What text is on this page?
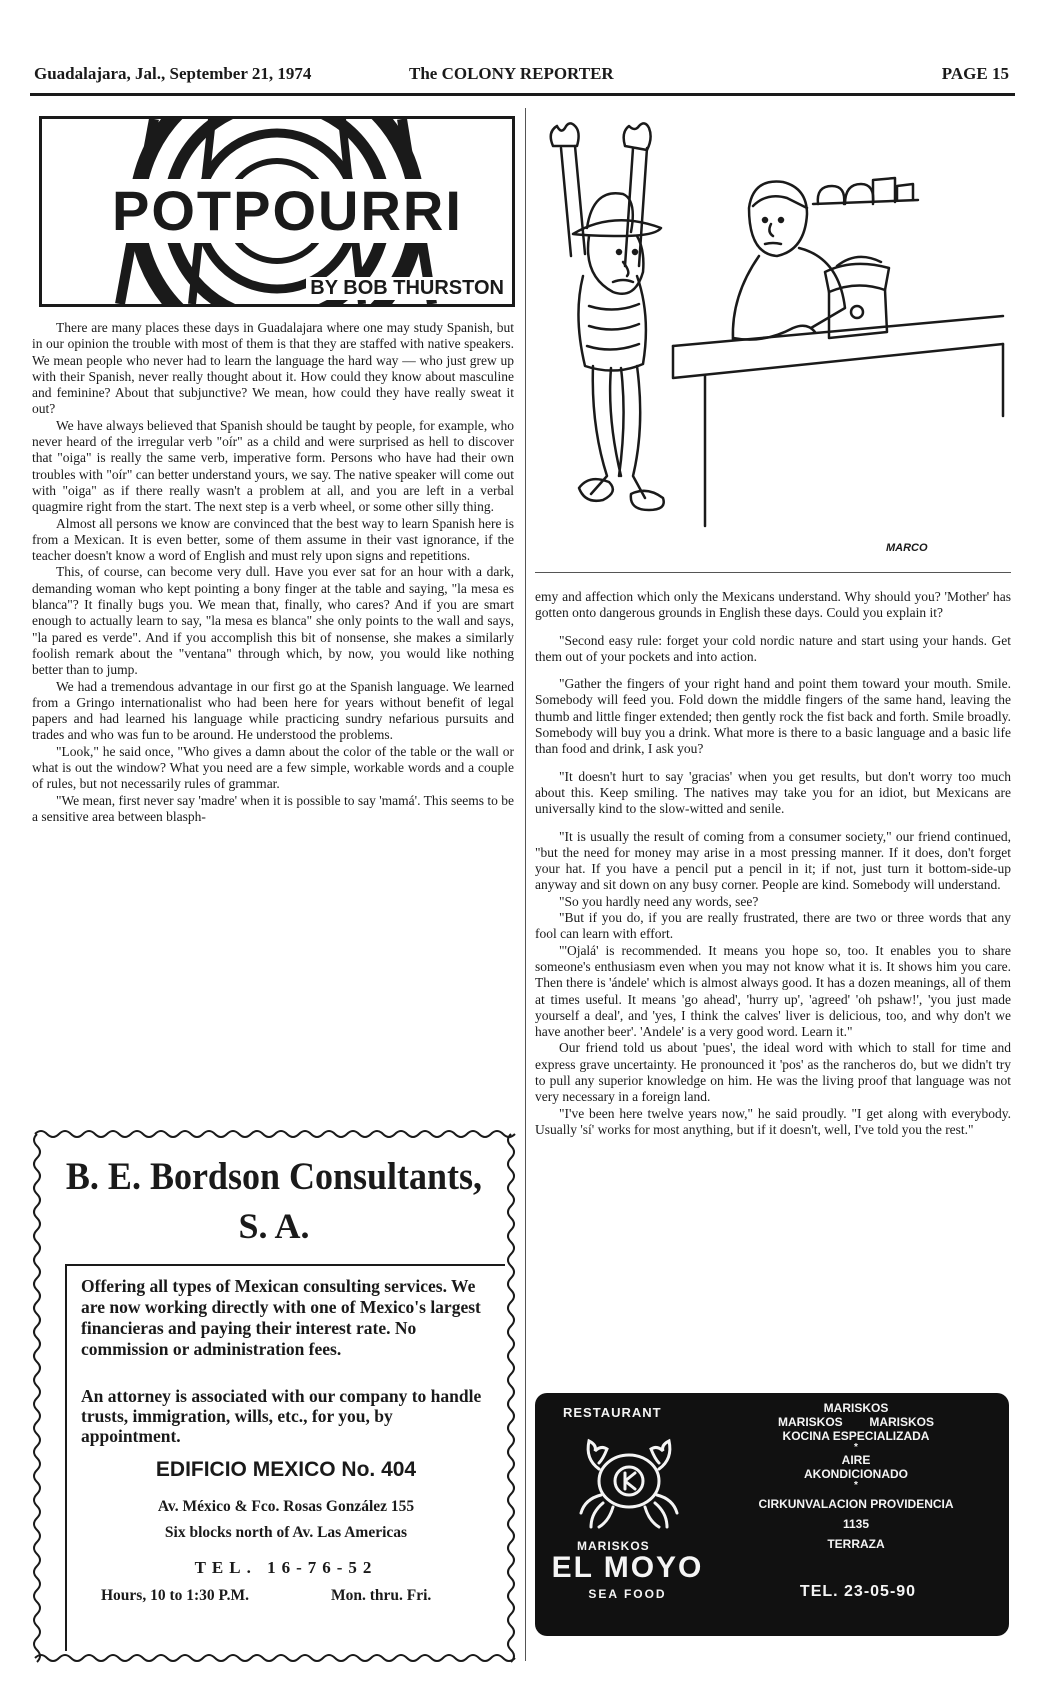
Guadalajara, Jal., September 21, 1974	The COLONY REPORTER	PAGE 15
POTPOURRI
BY BOB THURSTON

There are many places these days in Guadalajara where one may study Spanish, but in our opinion the trouble with most of them is that they are staffed with native speakers. We mean people who never had to learn the language the hard way — who just grew up with their Spanish, never really thought about it. How could they know about masculine and feminine? About that subjunctive? We mean, how could they have really sweat it out?

We have always believed that Spanish should be taught by people, for example, who never heard of the irregular verb "oír" as a child and were surprised as hell to discover that "oiga" is really the same verb, imperative form. Persons who have had their own troubles with "oír" can better understand yours, we say. The native speaker will come out with "oiga" as if there really wasn't a problem at all, and you are left in a verbal quagmire right from the start. The next step is a verb wheel, or some other silly thing.

Almost all persons we know are convinced that the best way to learn Spanish here is from a Mexican. It is even better, some of them assume in their vast ignorance, if the teacher doesn't know a word of English and must rely upon signs and repetitions.

This, of course, can become very dull. Have you ever sat for an hour with a dark, demanding woman who kept pointing a bony finger at the table and saying, "la mesa es blanca"? It finally bugs you. We mean that, finally, who cares? And if you are smart enough to actually learn to say, "la mesa es blanca" she only points to the wall and says, "la pared es verde". And if you accomplish this bit of nonsense, she makes a similarly foolish remark about the "ventana" through which, by now, you would like nothing better than to jump.

We had a tremendous advantage in our first go at the Spanish language. We learned from a Gringo internationalist who had been here for years without benefit of legal papers and had learned his language while practicing sundry nefarious pursuits and trades and who was fun to be around. He understood the problems.

"Look," he said once, "Who gives a damn about the color of the table or the wall or what is out the window? What you need are a few simple, workable words and a couple of rules, but not necessarily rules of grammar.

"We mean, first never say 'madre' when it is possible to say 'mamá'. This seems to be a sensitive area between blasph-

MARCO

emy and affection which only the Mexicans understand. Why should you? 'Mother' has gotten onto dangerous grounds in English these days. Could you explain it?

"Second easy rule: forget your cold nordic nature and start using your hands. Get them out of your pockets and into action.

"Gather the fingers of your right hand and point them toward your mouth. Smile. Somebody will feed you. Fold down the middle fingers of the same hand, leaving the thumb and little finger extended; then gently rock the fist back and forth. Smile broadly. Somebody will buy you a drink. What more is there to a basic language and a basic life than food and drink, I ask you?

"It doesn't hurt to say 'gracias' when you get results, but don't worry too much about this. Keep smiling. The natives may take you for an idiot, but Mexicans are universally kind to the slow-witted and senile.

"It is usually the result of coming from a consumer society," our friend continued, "but the need for money may arise in a most pressing manner. If it does, don't forget your hat. If you have a pencil put a pencil in it; if not, just turn it bottom-side-up anyway and sit down on any busy corner. People are kind. Somebody will understand.

"So you hardly need any words, see?

"But if you do, if you are really frustrated, there are two or three words that any fool can learn with effort.

"'Ojalá' is recommended. It means you hope so, too. It enables you to share someone's enthusiasm even when you may not know what it is. It shows him you care. Then there is 'ándele' which is almost always good. It has a dozen meanings, all of them at times useful. It means 'go ahead', 'hurry up', 'agreed' 'oh pshaw!', 'you just made yourself a deal', and 'yes, I think the calves' liver is delicious, too, and why don't we have another beer'. 'Andele' is a very good word. Learn it."

Our friend told us about 'pues', the ideal word with which to stall for time and express grave uncertainty. He pronounced it 'pos' as the rancheros do, but we didn't try to pull any superior knowledge on him. He was the living proof that language was not very necessary in a foreign land.

"I've been here twelve years now," he said proudly. "I get along with everybody. Usually 'sí' works for most anything, but if it doesn't, well, I've told you the rest."

B. E. Bordson Consultants,
S. A.

Offering all types of Mexican consulting services. We are now working directly with one of Mexico's largest financieras and paying their interest rate. No commission or administration fees.

An attorney is associated with our company to handle trusts, immigration, wills, etc., for you, by appointment.

EDIFICIO MEXICO No. 404
Av. México & Fco. Rosas González 155
Six blocks north of Av. Las Americas
TEL. 16-76-52
Hours, 10 to 1:30 P.M.	Mon. thru. Fri.
RESTAURANT
MARISKOS
EL MOYO
SEA FOOD
MARISKOS
MARISKOS        MARISKOS
KOCINA ESPECIALIZADA
*
AIRE
AKONDICIONADO
*
CIRKUNVALACION PROVIDENCIA
1135
TERRAZA
TEL. 23-05-90
